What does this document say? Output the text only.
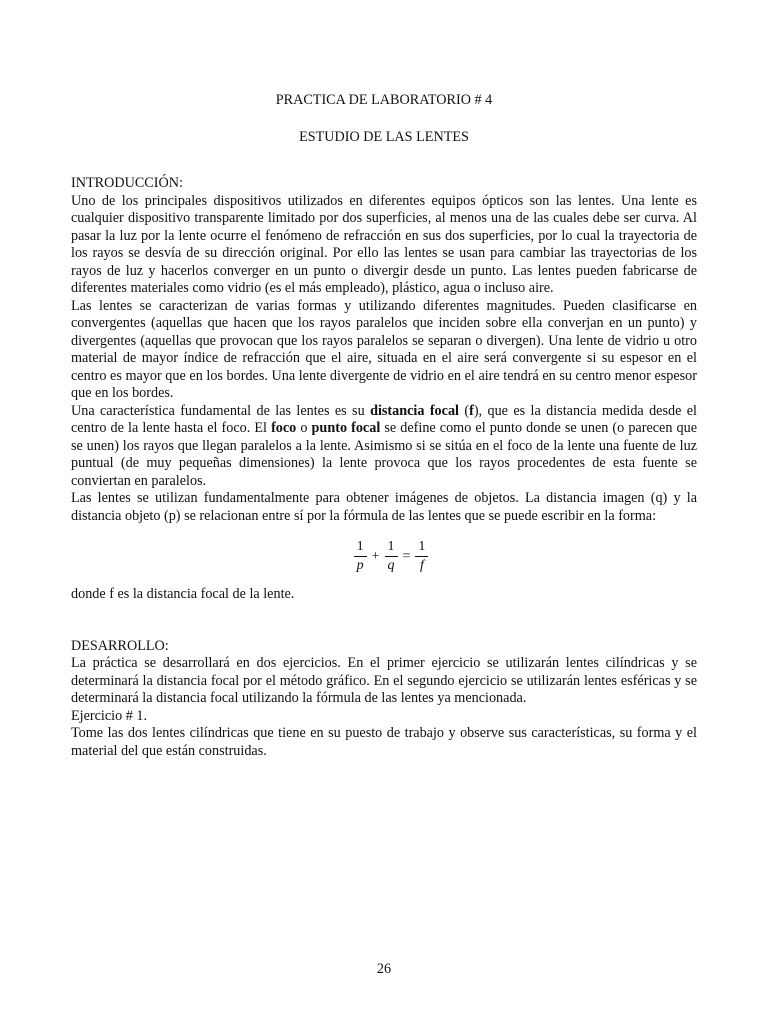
PRACTICA DE LABORATORIO # 4

ESTUDIO DE LAS LENTES

INTRODUCCIÓN:

Uno de los principales dispositivos utilizados en diferentes equipos ópticos son las lentes. Una lente es cualquier dispositivo transparente limitado por dos superficies, al menos una de las cuales debe ser curva. Al pasar la luz por la lente ocurre el fenómeno de refracción en sus dos superficies, por lo cual la trayectoria de los rayos se desvía de su dirección original. Por ello las lentes se usan para cambiar las trayectorias de los rayos de luz y hacerlos converger en un punto o divergir desde un punto. Las lentes pueden fabricarse de diferentes materiales como vidrio (es el más empleado), plástico, agua o incluso aire.

Las lentes se caracterizan de varias formas y utilizando diferentes magnitudes. Pueden clasificarse en convergentes (aquellas que hacen que los rayos paralelos que inciden sobre ella converjan en un punto) y divergentes (aquellas que provocan que los rayos paralelos se separan o divergen). Una lente de vidrio u otro material de mayor índice de refracción que el aire, situada en el aire será convergente si su espesor en el centro es mayor que en los bordes. Una lente divergente de vidrio en el aire tendrá en su centro menor espesor que en los bordes.

Una característica fundamental de las lentes es su distancia focal (f), que es la distancia medida desde el centro de la lente hasta el foco. El foco o punto focal se define como el punto donde se unen (o parecen que se unen) los rayos que llegan paralelos a la lente. Asimismo si se sitúa en el foco de la lente una fuente de luz puntual (de muy pequeñas dimensiones) la lente provoca que los rayos procedentes de esta fuente se conviertan en paralelos.

Las lentes se utilizan fundamentalmente para obtener imágenes de objetos. La distancia imagen (q) y la distancia objeto (p) se relacionan entre sí por la fórmula de las lentes que se puede escribir en la forma:

$\frac{1}{p} + \frac{1}{q} = \frac{1}{f}$

donde f es la distancia focal de la lente.

DESARROLLO:

La práctica se desarrollará en dos ejercicios. En el primer ejercicio se utilizarán lentes cilíndricas y se determinará la distancia focal por el método gráfico. En el segundo ejercicio se utilizarán lentes esféricas y se determinará la distancia focal utilizando la fórmula de las lentes ya mencionada.

Ejercicio # 1.

Tome las dos lentes cilíndricas que tiene en su puesto de trabajo y observe sus características, su forma y el material del que están construidas.

26
